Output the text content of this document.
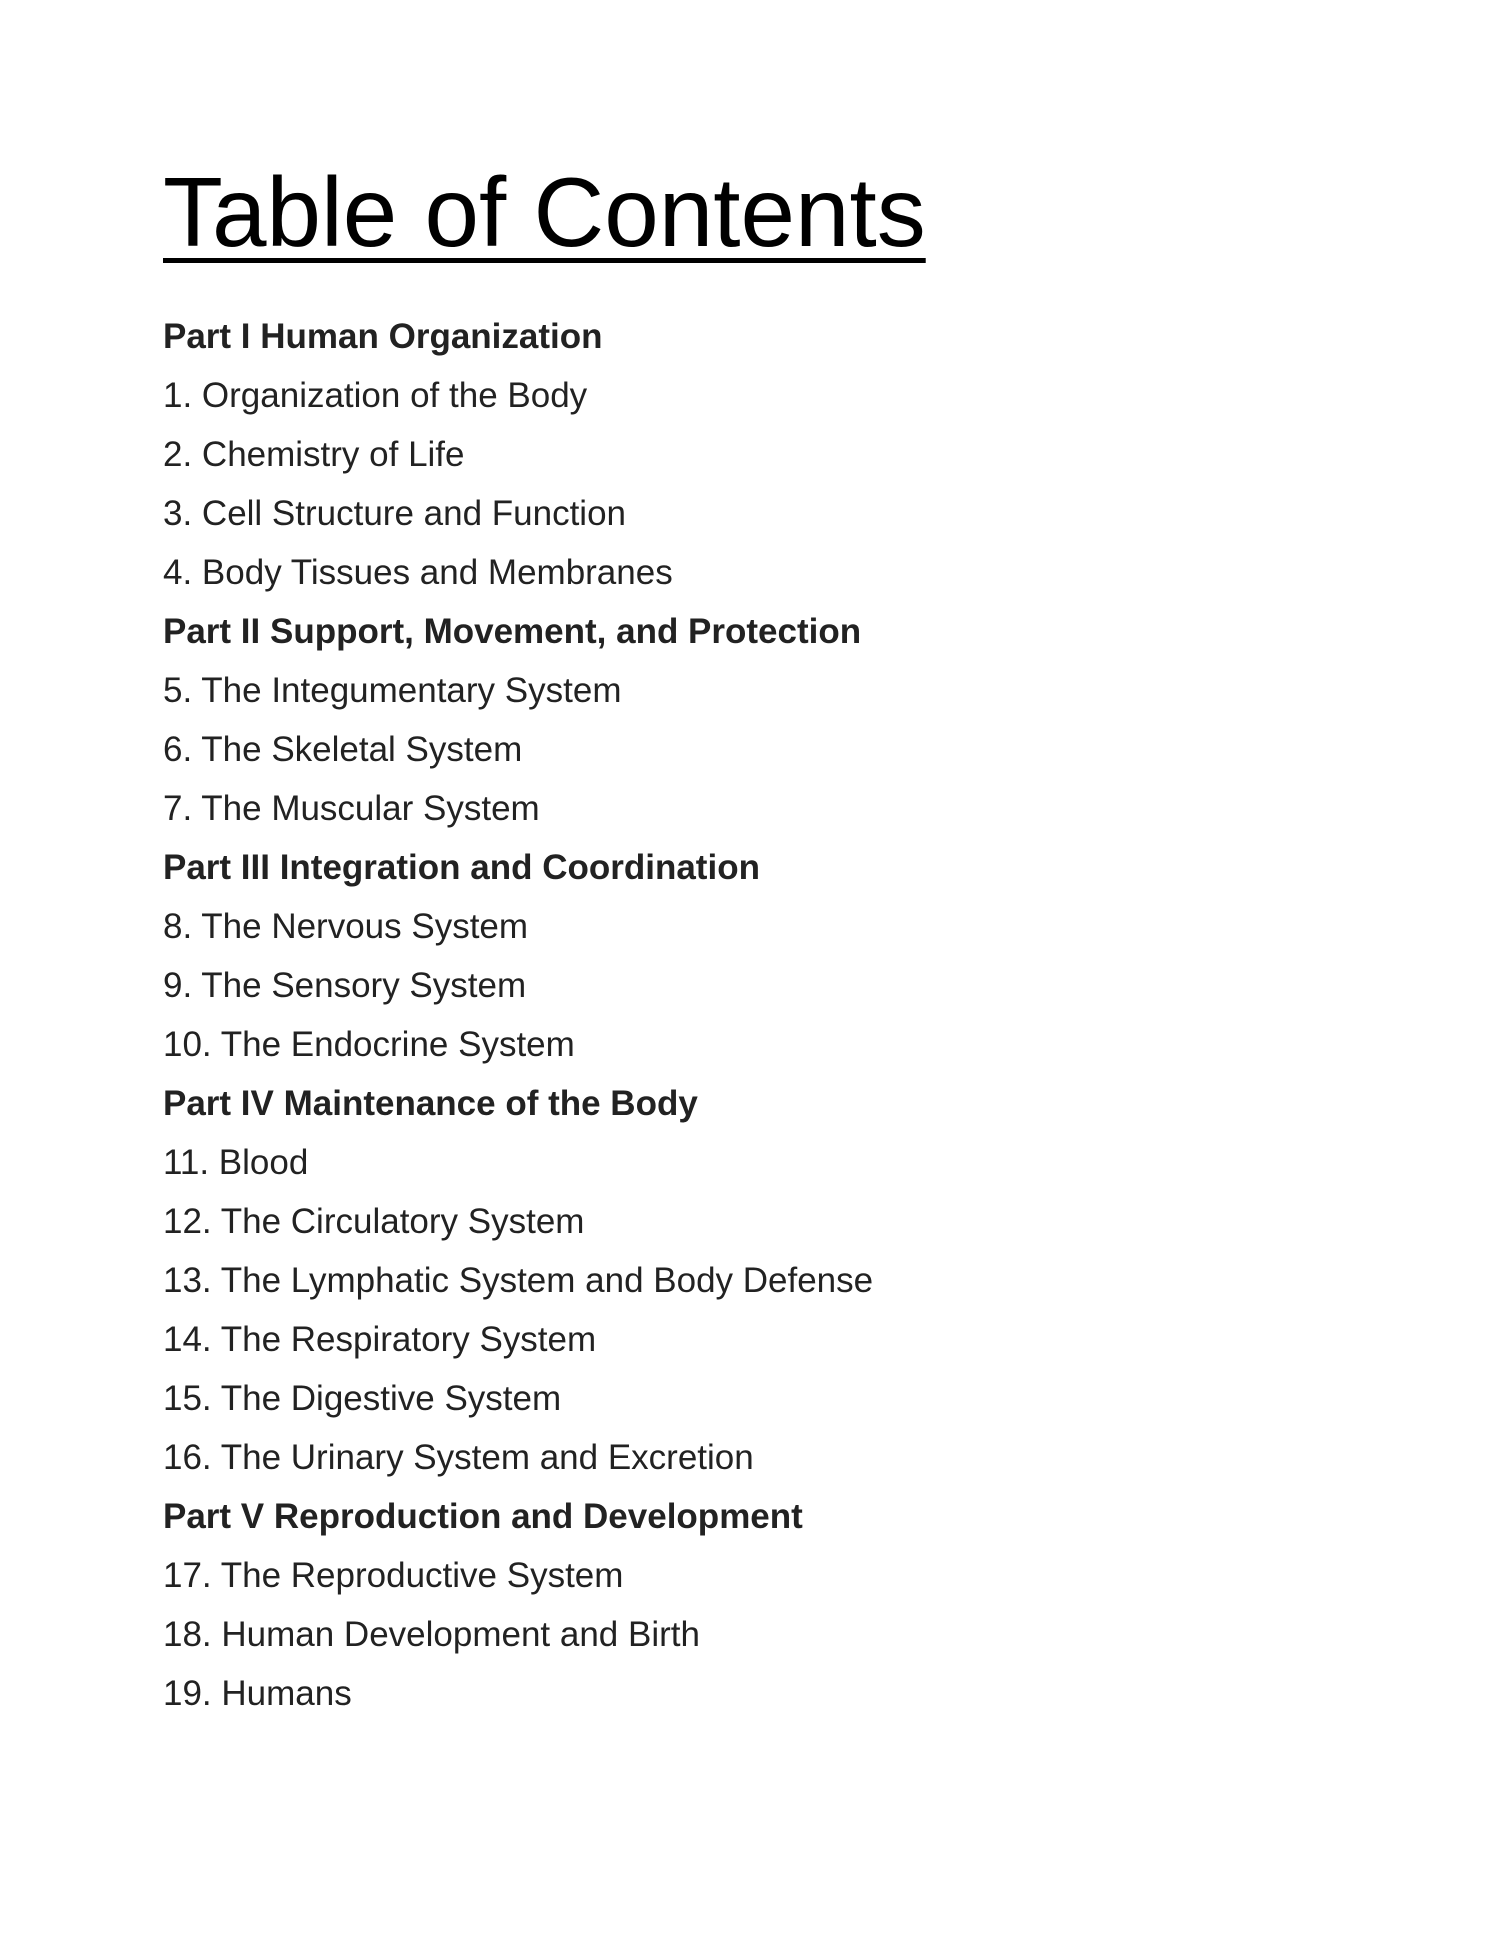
Table of Contents
Part I Human Organization
1. Organization of the Body
2. Chemistry of Life
3. Cell Structure and Function
4. Body Tissues and Membranes
Part II Support, Movement, and Protection
5. The Integumentary System
6. The Skeletal System
7. The Muscular System
Part III Integration and Coordination
8. The Nervous System
9. The Sensory System
10. The Endocrine System
Part IV Maintenance of the Body
11. Blood
12. The Circulatory System
13. The Lymphatic System and Body Defense
14. The Respiratory System
15. The Digestive System
16. The Urinary System and Excretion
Part V Reproduction and Development
17. The Reproductive System
18. Human Development and Birth
19. Humans
